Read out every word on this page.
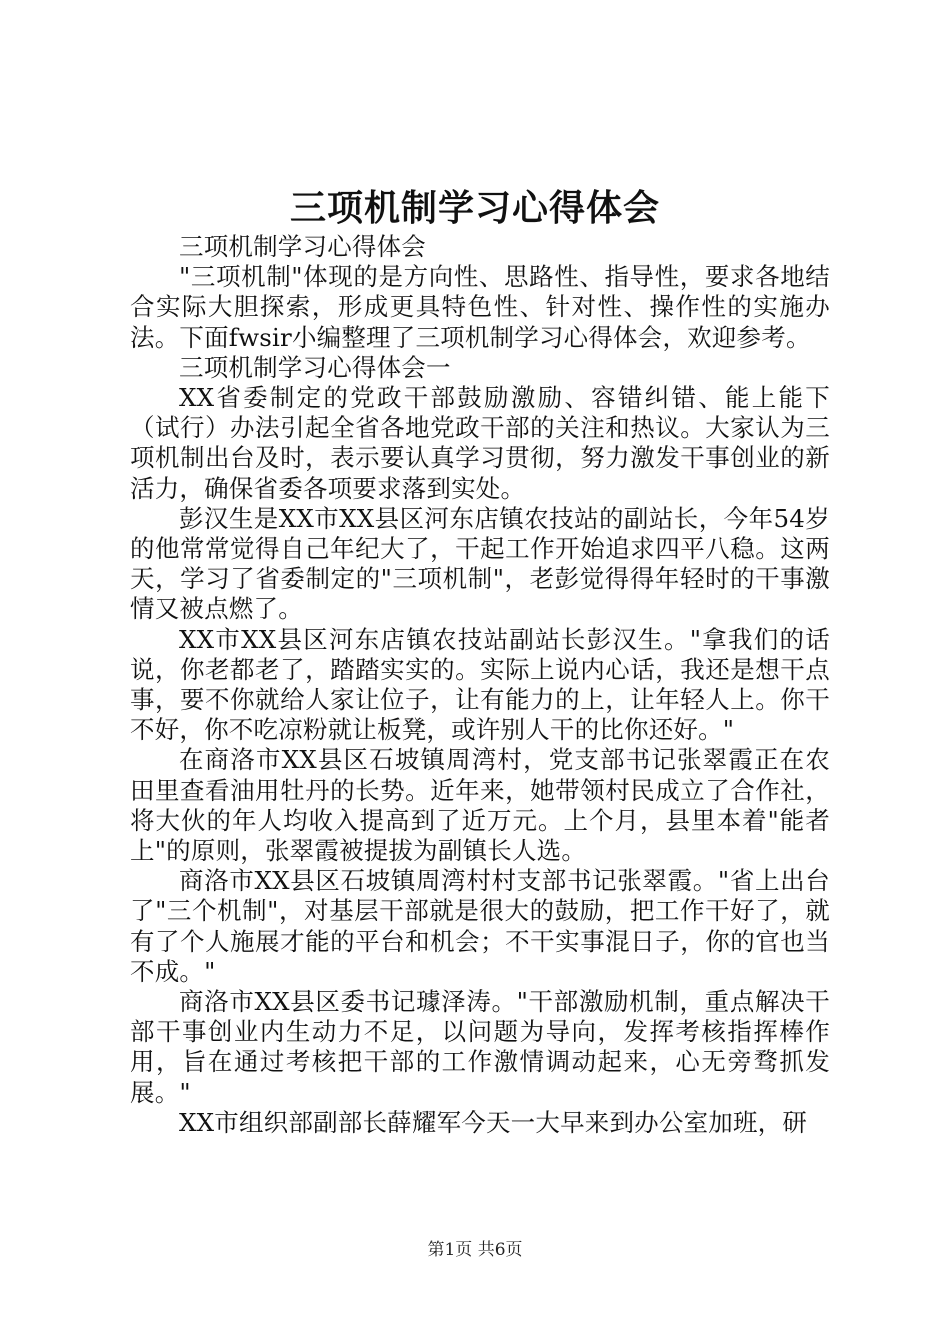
三项机制学习心得体会

三项机制学习心得体会

"三项机制"体现的是方向性、思路性、指导性，要求各地结合实际大胆探索，形成更具特色性、针对性、操作性的实施办法。下面fwsir小编整理了三项机制学习心得体会，欢迎参考。

三项机制学习心得体会一

XX省委制定的党政干部鼓励激励、容错纠错、能上能下（试行）办法引起全省各地党政干部的关注和热议。大家认为三项机制出台及时，表示要认真学习贯彻，努力激发干事创业的新活力，确保省委各项要求落到实处。

彭汉生是XX市XX县区河东店镇农技站的副站长，今年54岁的他常常觉得自己年纪大了，干起工作开始追求四平八稳。这两天，学习了省委制定的"三项机制"，老彭觉得得年轻时的干事激情又被点燃了。

XX市XX县区河东店镇农技站副站长彭汉生。"拿我们的话说，你老都老了，踏踏实实的。实际上说内心话，我还是想干点事，要不你就给人家让位子，让有能力的上，让年轻人上。你干不好，你不吃凉粉就让板凳，或许别人干的比你还好。"

在商洛市XX县区石坡镇周湾村，党支部书记张翠霞正在农田里查看油用牡丹的长势。近年来，她带领村民成立了合作社，将大伙的年人均收入提高到了近万元。上个月，县里本着"能者上"的原则，张翠霞被提拔为副镇长人选。

商洛市XX县区石坡镇周湾村村支部书记张翠霞。"省上出台了"三个机制"，对基层干部就是很大的鼓励，把工作干好了，就有了个人施展才能的平台和机会；不干实事混日子，你的官也当不成。"

商洛市XX县区委书记璩泽涛。"干部激励机制，重点解决干部干事创业内生动力不足，以问题为导向，发挥考核指挥棒作用，旨在通过考核把干部的工作激情调动起来，心无旁骛抓发展。"

XX市组织部副部长薛耀军今天一大早来到办公室加班，研

第1页 共6页
